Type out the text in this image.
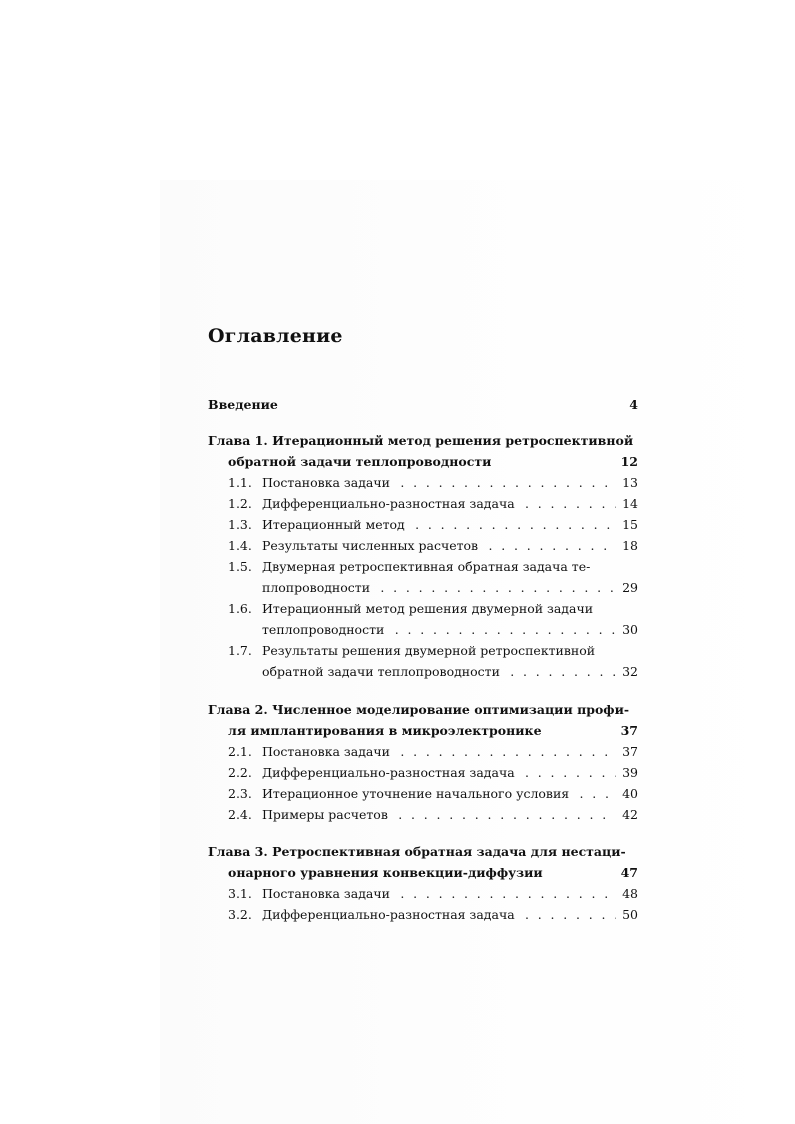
Оглавление
Введение	4
Глава 1. Итерационный метод решения ретроспективной
обратной задачи теплопроводности	12
1.1. Постановка задачи . . .	13
1.2. Дифференциально-разностная задача . . .	14
1.3. Итерационный метод . . .	15
1.4. Результаты численных расчетов . . .	18
1.5. Двумерная ретроспективная обратная задача те-
плопроводности . . .	29
1.6. Итерационный метод решения двумерной задачи
теплопроводности . . .	30
1.7. Результаты решения двумерной ретроспективной
обратной задачи теплопроводности . . .	32
Глава 2. Численное моделирование оптимизации профи-
ля имплантирования в микроэлектронике	37
2.1. Постановка задачи . . .	37
2.2. Дифференциально-разностная задача . . .	39
2.3. Итерационное уточнение начального условия . . .	40
2.4. Примеры расчетов . . .	42
Глава 3. Ретроспективная обратная задача для нестаци-
онарного уравнения конвекции-диффузии	47
3.1. Постановка задачи . . .	48
3.2. Дифференциально-разностная задача . . .	50
